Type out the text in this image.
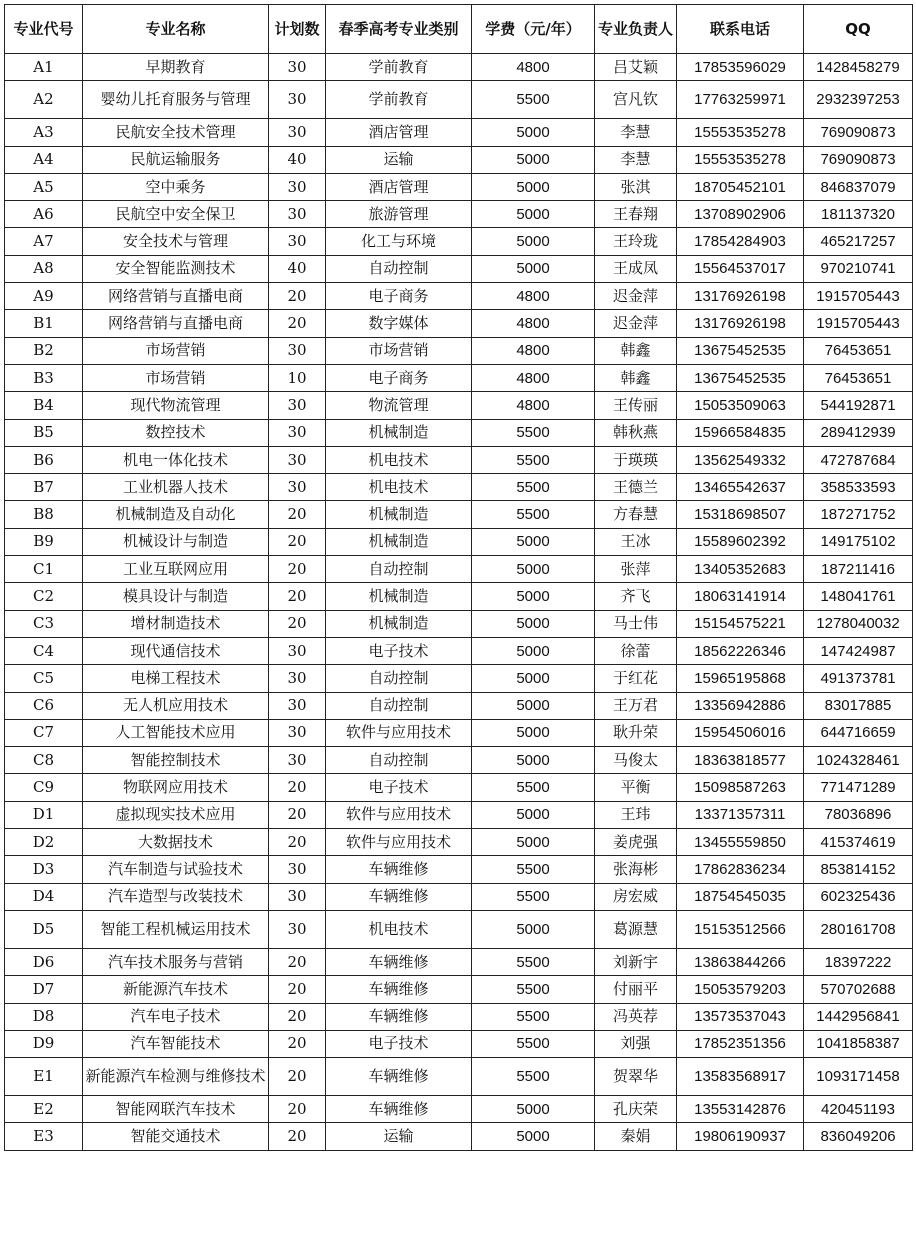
专业代号	专业名称	计划数	春季高考专业类别	学费（元/年）	专业负责人	联系电话	QQ
A1	早期教育	30	学前教育	4800	吕艾颖	17853596029	1428458279
A2	婴幼儿托育服务与管理	30	学前教育	5500	宫凡钦	17763259971	2932397253
A3	民航安全技术管理	30	酒店管理	5000	李慧	15553535278	769090873
A4	民航运输服务	40	运输	5000	李慧	15553535278	769090873
A5	空中乘务	30	酒店管理	5000	张淇	18705452101	846837079
A6	民航空中安全保卫	30	旅游管理	5000	王春翔	13708902906	181137320
A7	安全技术与管理	30	化工与环境	5000	王玲珑	17854284903	465217257
A8	安全智能监测技术	40	自动控制	5000	王成凤	15564537017	970210741
A9	网络营销与直播电商	20	电子商务	4800	迟金萍	13176926198	1915705443
B1	网络营销与直播电商	20	数字媒体	4800	迟金萍	13176926198	1915705443
B2	市场营销	30	市场营销	4800	韩鑫	13675452535	76453651
B3	市场营销	10	电子商务	4800	韩鑫	13675452535	76453651
B4	现代物流管理	30	物流管理	4800	王传丽	15053509063	544192871
B5	数控技术	30	机械制造	5500	韩秋燕	15966584835	289412939
B6	机电一体化技术	30	机电技术	5500	于瑛瑛	13562549332	472787684
B7	工业机器人技术	30	机电技术	5500	王德兰	13465542637	358533593
B8	机械制造及自动化	20	机械制造	5500	方春慧	15318698507	187271752
B9	机械设计与制造	20	机械制造	5000	王冰	15589602392	149175102
C1	工业互联网应用	20	自动控制	5000	张萍	13405352683	187211416
C2	模具设计与制造	20	机械制造	5000	齐飞	18063141914	148041761
C3	增材制造技术	20	机械制造	5000	马士伟	15154575221	1278040032
C4	现代通信技术	30	电子技术	5000	徐蕾	18562226346	147424987
C5	电梯工程技术	30	自动控制	5000	于红花	15965195868	491373781
C6	无人机应用技术	30	自动控制	5000	王万君	13356942886	83017885
C7	人工智能技术应用	30	软件与应用技术	5000	耿升荣	15954506016	644716659
C8	智能控制技术	30	自动控制	5000	马俊太	18363818577	1024328461
C9	物联网应用技术	20	电子技术	5500	平衡	15098587263	771471289
D1	虚拟现实技术应用	20	软件与应用技术	5000	王玮	13371357311	78036896
D2	大数据技术	20	软件与应用技术	5000	姜虎强	13455559850	415374619
D3	汽车制造与试验技术	30	车辆维修	5500	张海彬	17862836234	853814152
D4	汽车造型与改装技术	30	车辆维修	5500	房宏威	18754545035	602325436
D5	智能工程机械运用技术	30	机电技术	5000	葛源慧	15153512566	280161708
D6	汽车技术服务与营销	20	车辆维修	5500	刘新宇	13863844266	18397222
D7	新能源汽车技术	20	车辆维修	5500	付丽平	15053579203	570702688
D8	汽车电子技术	20	车辆维修	5500	冯英荐	13573537043	1442956841
D9	汽车智能技术	20	电子技术	5500	刘强	17852351356	1041858387
E1	新能源汽车检测与维修技术	20	车辆维修	5500	贺翠华	13583568917	1093171458
E2	智能网联汽车技术	20	车辆维修	5000	孔庆荣	13553142876	420451193
E3	智能交通技术	20	运输	5000	秦娟	19806190937	836049206
